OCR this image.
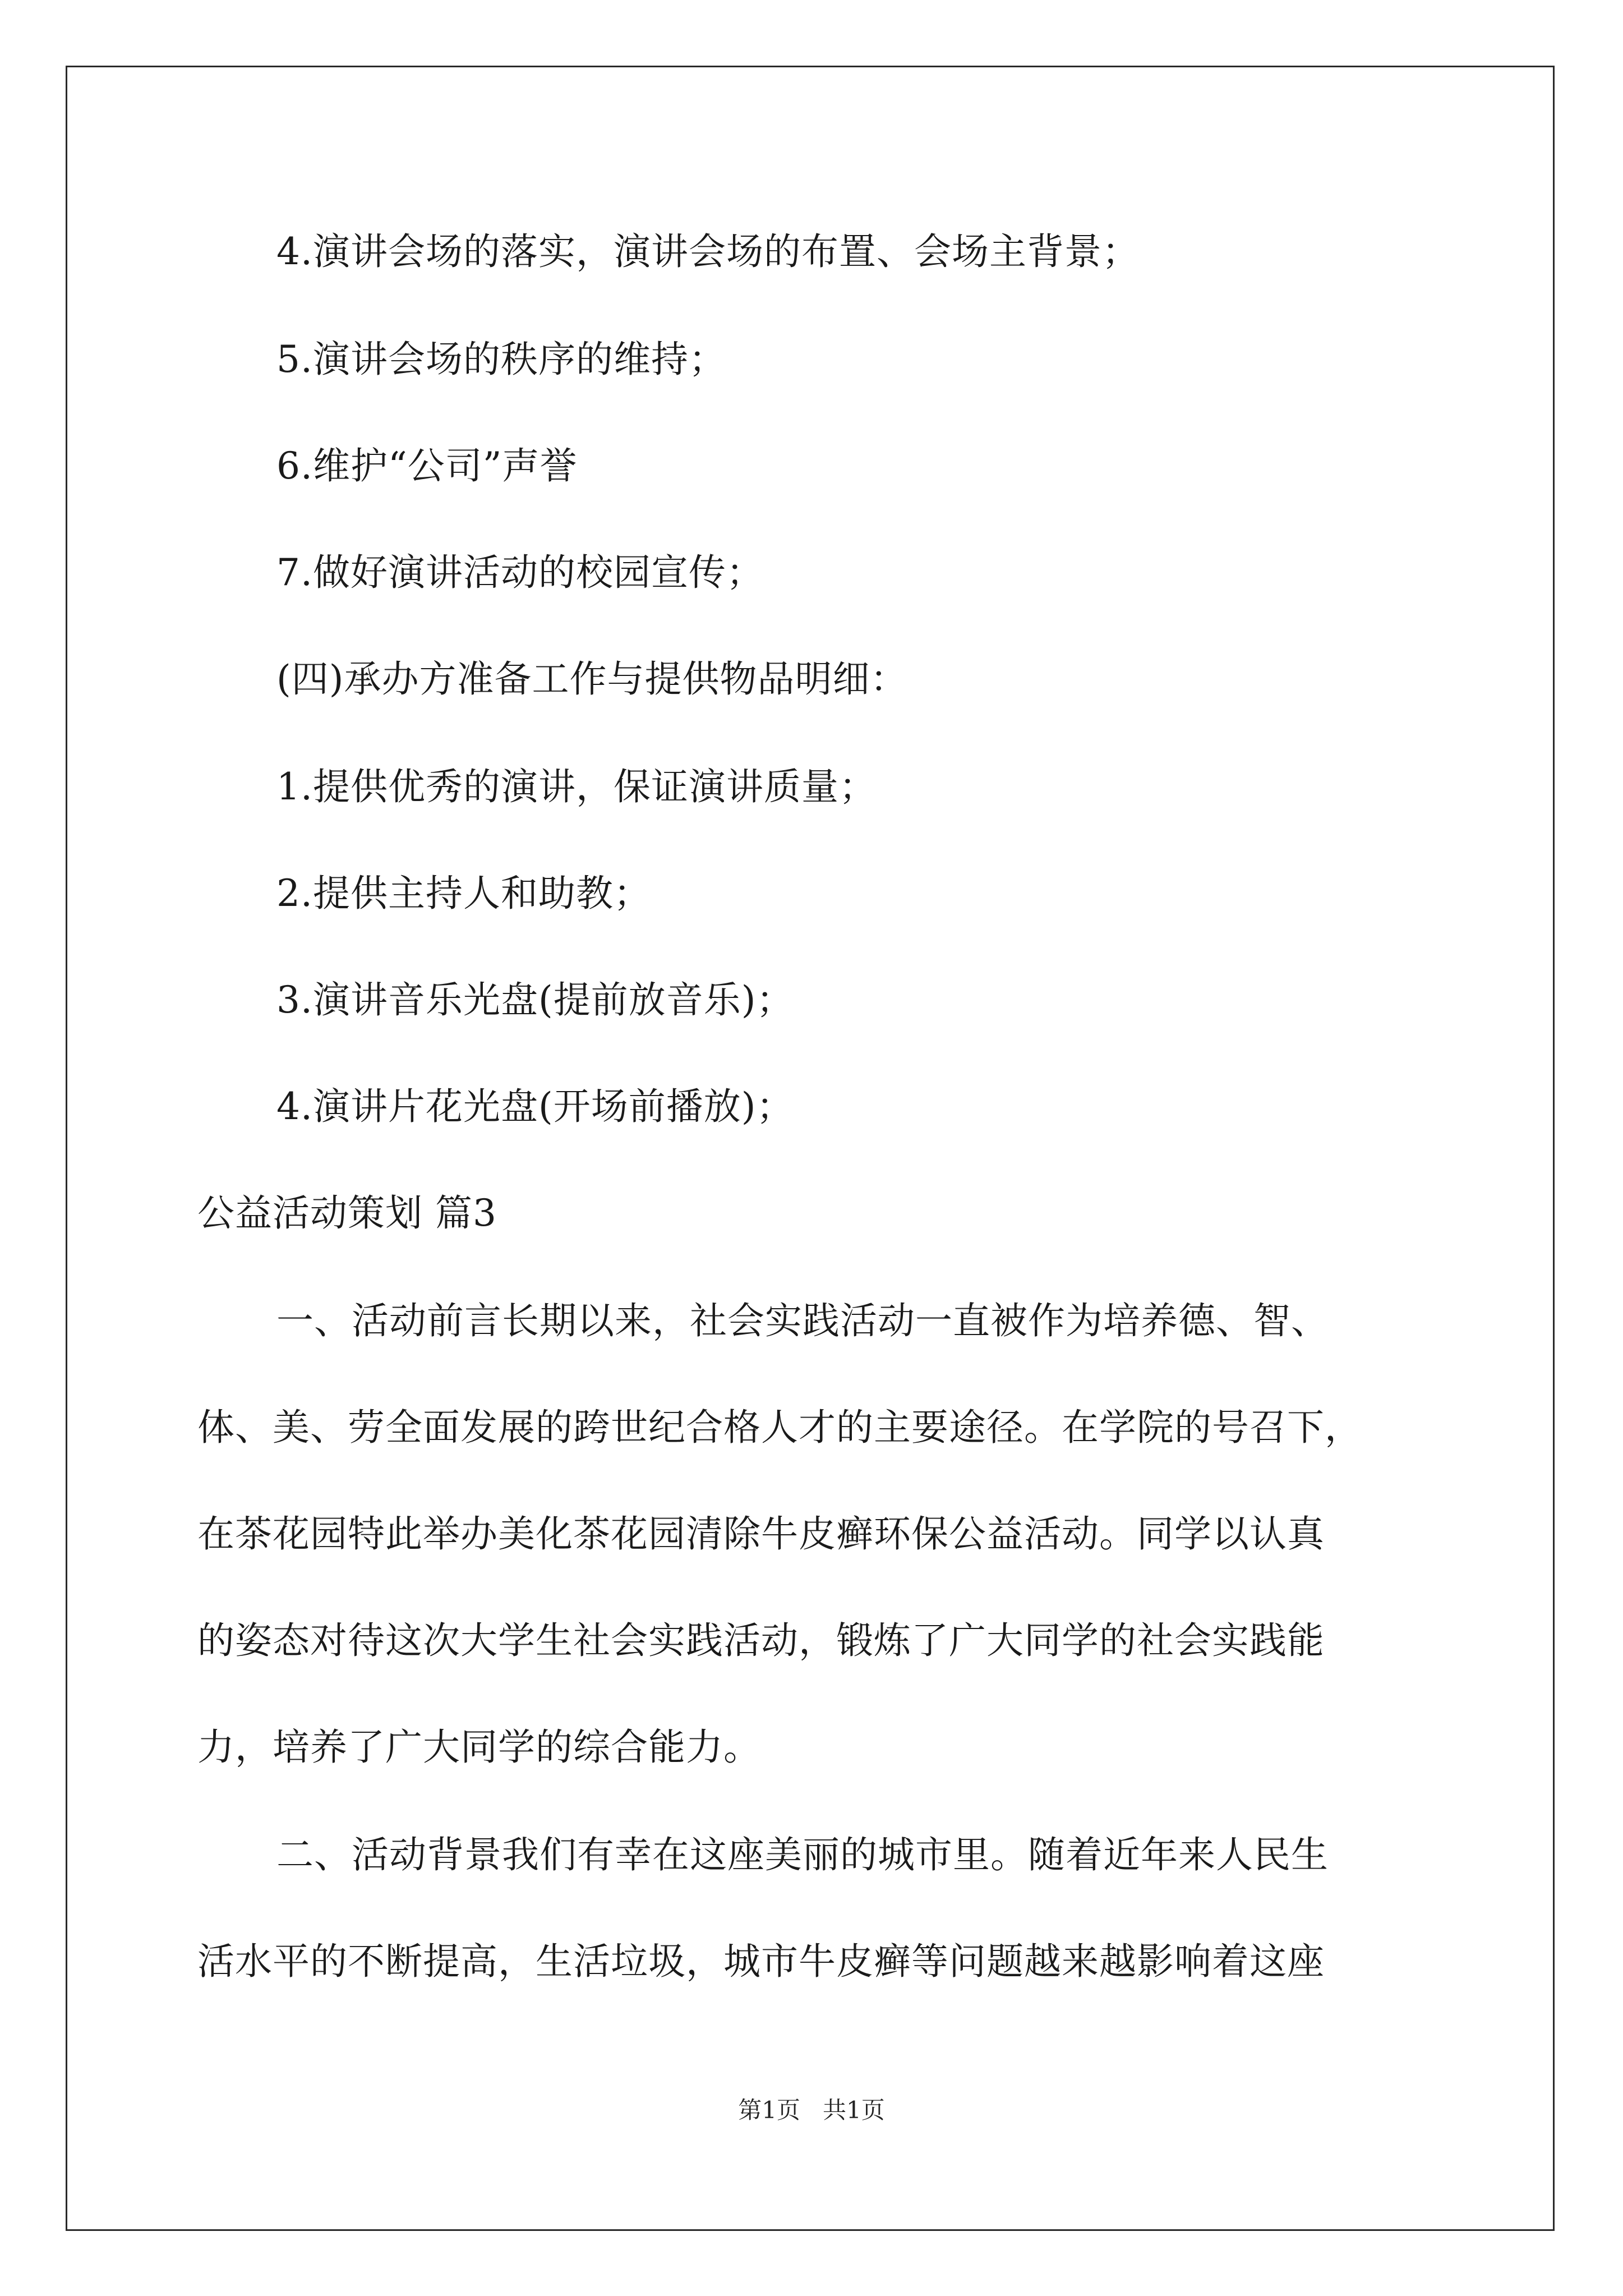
4.演讲会场的落实，演讲会场的布置、会场主背景；
5.演讲会场的秩序的维持；
6.维护“公司”声誉
7.做好演讲活动的校园宣传；
(四)承办方准备工作与提供物品明细：
1.提供优秀的演讲，保证演讲质量；
2.提供主持人和助教；
3.演讲音乐光盘(提前放音乐)；
4.演讲片花光盘(开场前播放)；
公益活动策划 篇3
一、活动前言长期以来，社会实践活动一直被作为培养德、智、
体、美、劳全面发展的跨世纪合格人才的主要途径。在学院的号召下，
在茶花园特此举办美化茶花园清除牛皮癣环保公益活动。同学以认真
的姿态对待这次大学生社会实践活动，锻炼了广大同学的社会实践能
力，培养了广大同学的综合能力。
二、活动背景我们有幸在这座美丽的城市里。随着近年来人民生
活水平的不断提高，生活垃圾，城市牛皮癣等问题越来越影响着这座
第1页   共1页
